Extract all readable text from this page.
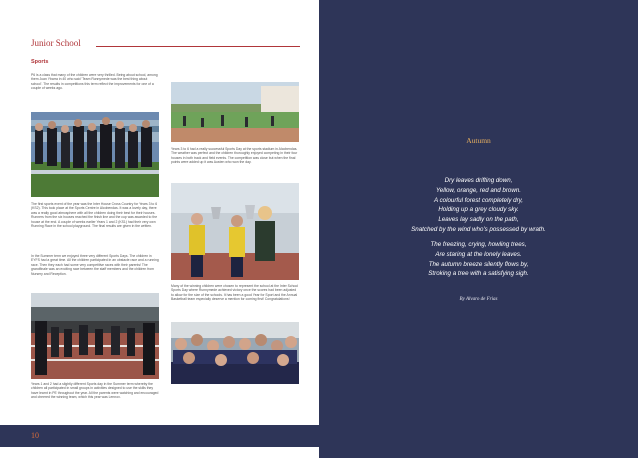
Junior School
Sports

P6 is a class that many of the children were very thrilled. Being about school, among them Juan Ybarra in 40 who said 'Team Runnymede was the best thing about school'. The results in competitions this term reflect the improvements for one of a couple of weeks ago.

The first sports event of the year was the Inter House Cross Country for Years 3 to 6 (KS2). This took place at the Sports Centre in Alcobendas. It was a lovely day, there was a really good atmosphere with all the children doing their best for their houses. Runners from the six houses reached the finish line and the cup was awarded to the house at the end. A couple of weeks earlier Years 1 and 2 (KS1) had their very own Running Race in the school playground. The final results are given in the written.

In the Summer term we enjoyed three very different Sports Days. The children in EYFS had a great time. All the children participated in an obstacle race and a running race. Then they each had some very competitive races with their parents! The grandfinale was an exciting race between the staff members and the children from Nursery and Reception.

Years 1 and 2 had a slightly different Sports day in the Summer term whereby the children all participated in small groups in activities designed to use the skills they have learnt in PE throughout the year. All the parents were watching and encouraged and cheered the winning team, which this year was Lennox.

Years 3 to 6 had a really successful Sports Day at the sports stadium in Alcobendas. The weather was perfect and the children thoroughly enjoyed competing in their four houses in both track and field events. The competition was close but when the final points were added up it was Austen who won the day.

Many of the winning children were chosen to represent the school at the Inter School Sports Day where Runnymede achieved victory once the scores had been adjusted to allow for the size of the schools. It has been a good Year for Sport and the Annual Basketball team especially deserve a mention for coming first! Congratulations!

10
Autumn
Dry leaves drifting down,
Yellow, orange, red and brown.
A colourful forest completely dry,
Holding up a grey cloudy sky.
Leaves lay sadly on the path,
Snatched by the wind who's possessed by wrath.
The freezing, crying, howling trees,
Are staring at the lonely leaves.
The autumn breeze silently flows by,
Stroking a tree with a satisfying sigh.
By Alvaro de Frias
